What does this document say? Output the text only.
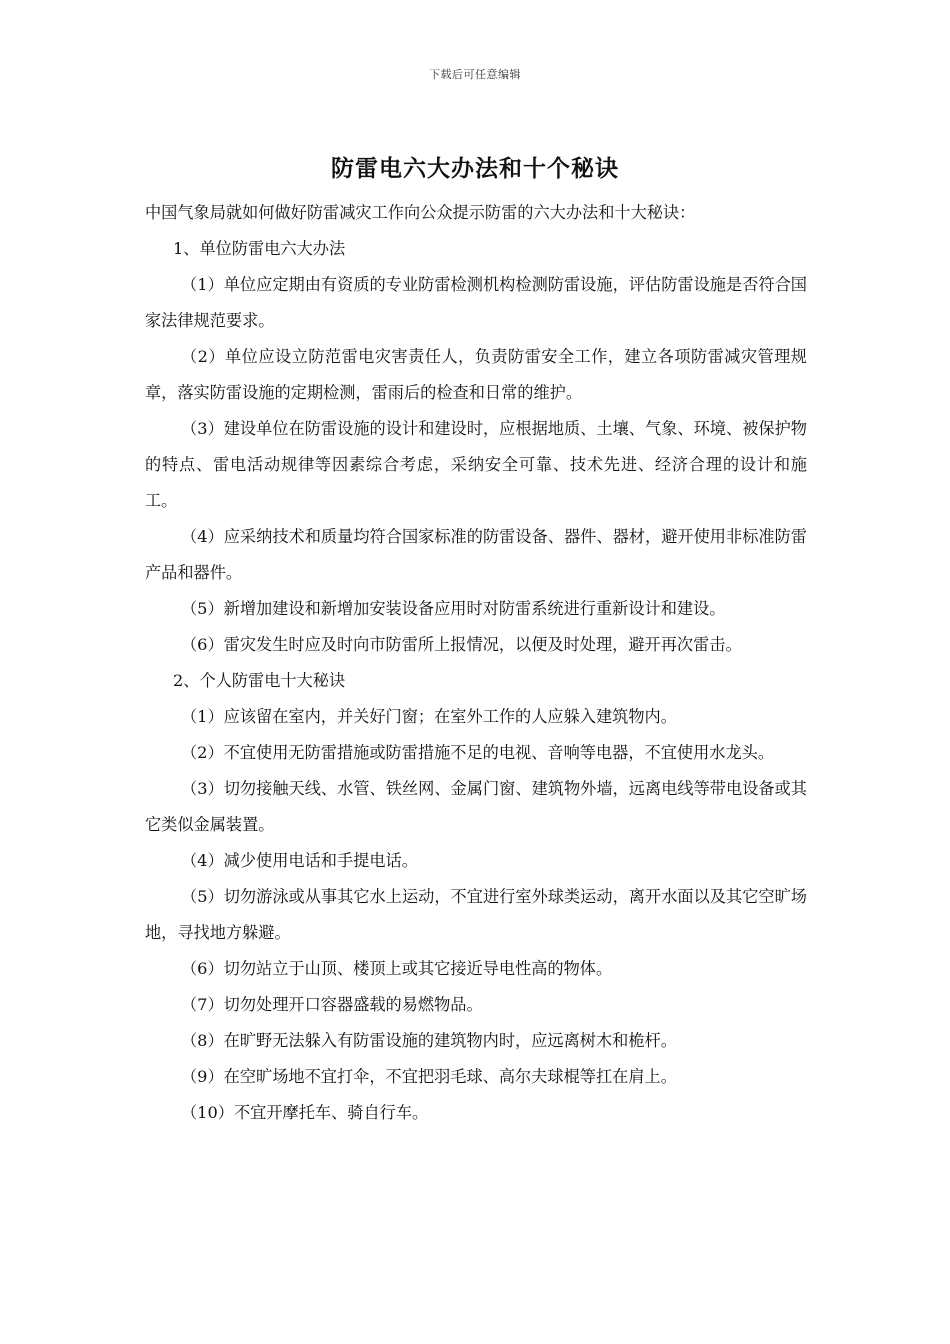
下载后可任意编辑
防雷电六大办法和十个秘诀

中国气象局就如何做好防雷减灾工作向公众提示防雷的六大办法和十大秘诀：

1、单位防雷电六大办法

（1）单位应定期由有资质的专业防雷检测机构检测防雷设施，评估防雷设施是否符合国家法律规范要求。

（2）单位应设立防范雷电灾害责任人，负责防雷安全工作，建立各项防雷减灾管理规章，落实防雷设施的定期检测，雷雨后的检查和日常的维护。

（3）建设单位在防雷设施的设计和建设时，应根据地质、土壤、气象、环境、被保护物的特点、雷电活动规律等因素综合考虑，采纳安全可靠、技术先进、经济合理的设计和施工。

（4）应采纳技术和质量均符合国家标准的防雷设备、器件、器材，避开使用非标准防雷产品和器件。

（5）新增加建设和新增加安装设备应用时对防雷系统进行重新设计和建设。

（6）雷灾发生时应及时向市防雷所上报情况，以便及时处理，避开再次雷击。

2、个人防雷电十大秘诀

（1）应该留在室内，并关好门窗；在室外工作的人应躲入建筑物内。

（2）不宜使用无防雷措施或防雷措施不足的电视、音响等电器，不宜使用水龙头。

（3）切勿接触天线、水管、铁丝网、金属门窗、建筑物外墙，远离电线等带电设备或其它类似金属装置。

（4）减少使用电话和手提电话。

（5）切勿游泳或从事其它水上运动，不宜进行室外球类运动，离开水面以及其它空旷场地，寻找地方躲避。

（6）切勿站立于山顶、楼顶上或其它接近导电性高的物体。

（7）切勿处理开口容器盛载的易燃物品。

（8）在旷野无法躲入有防雷设施的建筑物内时，应远离树木和桅杆。

（9）在空旷场地不宜打伞，不宜把羽毛球、高尔夫球棍等扛在肩上。

（10）不宜开摩托车、骑自行车。
